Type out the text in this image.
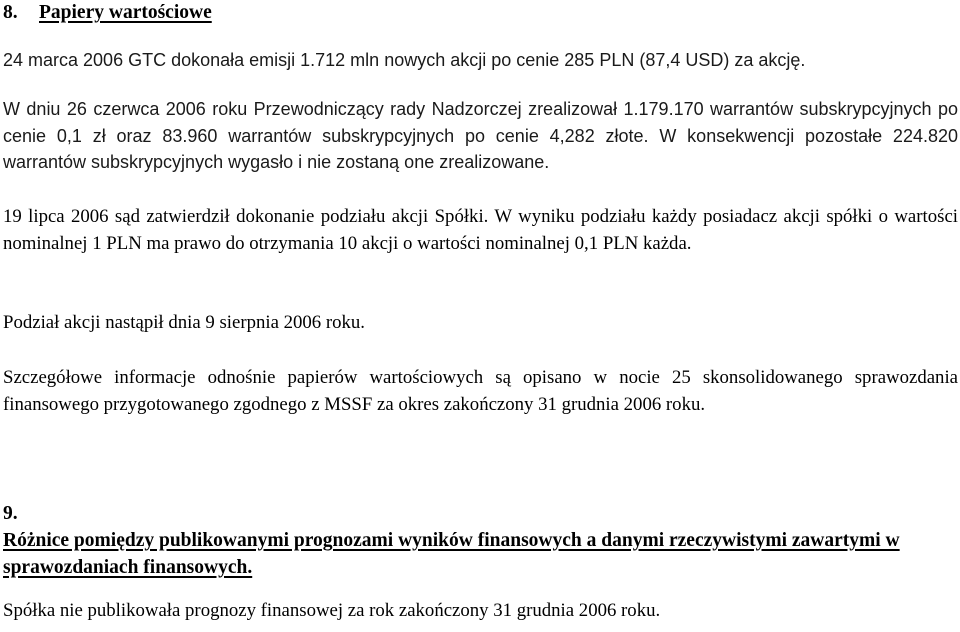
8. Papiery wartościowe

24 marca 2006 GTC dokonała emisji 1.712 mln nowych akcji po cenie 285 PLN (87,4 USD) za akcję.

W dniu 26 czerwca 2006 roku Przewodniczący rady Nadzorczej zrealizował 1.179.170 warrantów subskrypcyjnych po cenie 0,1 zł oraz 83.960 warrantów subskrypcyjnych po cenie 4,282 złote. W konsekwencji pozostałe 224.820 warrantów subskrypcyjnych wygasło i nie zostaną one zrealizowane.

19 lipca 2006 sąd zatwierdził dokonanie podziału akcji Spółki. W wyniku podziału każdy posiadacz akcji spółki o wartości nominalnej 1 PLN ma prawo do otrzymania 10 akcji o wartości nominalnej 0,1 PLN każda.

Podział akcji nastąpił dnia 9 sierpnia 2006 roku.

Szczegółowe informacje odnośnie papierów wartościowych są opisano w nocie 25 skonsolidowanego sprawozdania finansowego przygotowanego zgodnego z MSSF za okres zakończony 31 grudnia 2006 roku.

9.Różnice pomiędzy publikowanymi prognozami wyników finansowych a danymi rzeczywistymi zawartymi w sprawozdaniach finansowych.

Spółka nie publikowała prognozy finansowej za rok zakończony 31 grudnia 2006 roku.
